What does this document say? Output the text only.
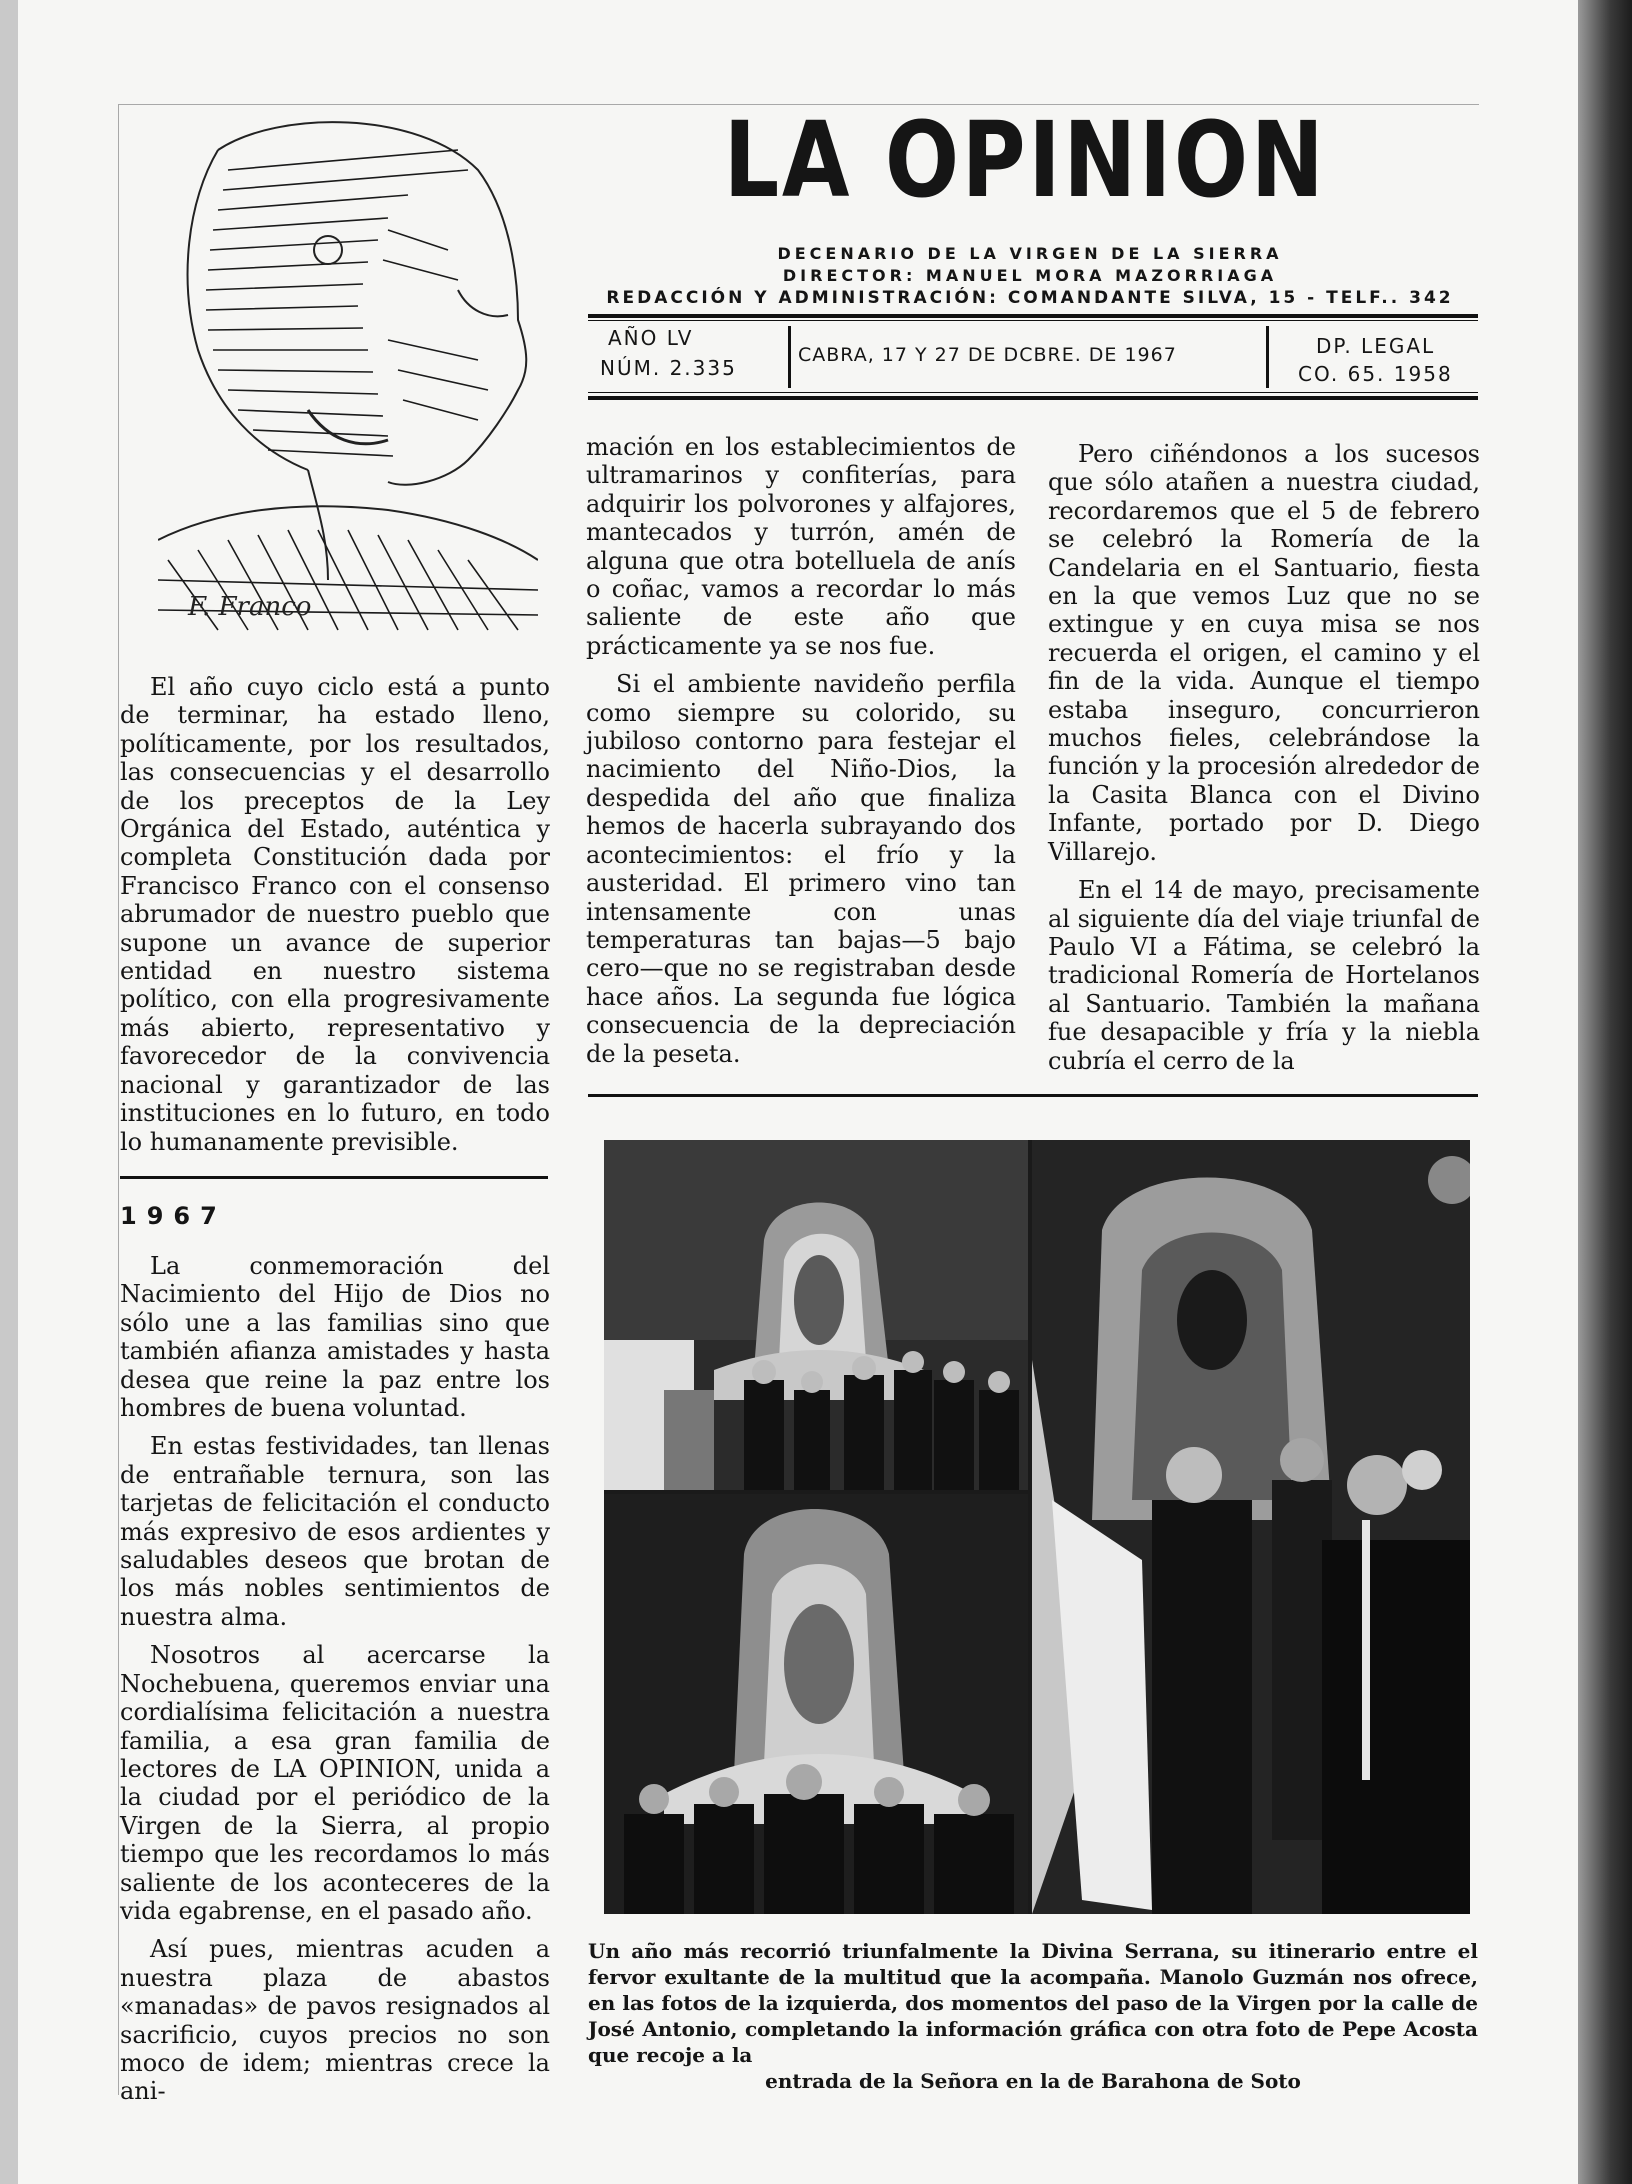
F. Franco
LA OPINION
DECENARIO DE LA VIRGEN DE LA SIERRA
DIRECTOR: MANUEL MORA MAZORRIAGA
REDACCIÓN Y ADMINISTRACIÓN: COMANDANTE SILVA, 15 - TELF.. 342
AÑO LV
NÚM. 2.335
CABRA, 17 Y 27 DE DCBRE. DE 1967	DP. LEGAL
CO. 65. 1958

El año cuyo ciclo está a punto de terminar, ha estado lleno, políticamente, por los resultados, las consecuencias y el desarrollo de los preceptos de la Ley Orgánica del Estado, auténtica y completa Constitución dada por Francisco Franco con el consenso abrumador de nuestro pueblo que supone un avance de superior entidad en nuestro sistema político, con ella progresivamente más abierto, representativo y favorecedor de la convivencia nacional y garantizador de las instituciones en lo futuro, en todo lo humanamente previsible.

1967

La conmemoración del Nacimiento del Hijo de Dios no sólo une a las familias sino que también afianza amistades y hasta desea que reine la paz entre los hombres de buena voluntad.

En estas festividades, tan llenas de entrañable ternura, son las tarjetas de felicitación el conducto más expresivo de esos ardientes y saludables deseos que brotan de los más nobles sentimientos de nuestra alma.

Nosotros al acercarse la Nochebuena, queremos enviar una cordialísima felicitación a nuestra familia, a esa gran familia de lectores de LA OPINION, unida a la ciudad por el periódico de la Virgen de la Sierra, al propio tiempo que les recordamos lo más saliente de los aconteceres de la vida egabrense, en el pasado año.

Así pues, mientras acuden a nuestra plaza de abastos «manadas» de pavos resignados al sacrificio, cuyos precios no son moco de idem; mientras crece la ani-

mación en los establecimientos de ultramarinos y confiterías, para adquirir los polvorones y alfajores, mantecados y turrón, amén de alguna que otra botelluela de anís o coñac, vamos a recordar lo más saliente de este año que prácticamente ya se nos fue.

Si el ambiente navideño perfila como siempre su colorido, su jubiloso contorno para festejar el nacimiento del Niño-Dios, la despedida del año que finaliza hemos de hacerla subrayando dos acontecimientos: el frío y la austeridad. El primero vino tan intensamente con unas temperaturas tan bajas—5 bajo cero—que no se registraban desde hace años. La segunda fue lógica consecuencia de la depreciación de la peseta.

Pero ciñéndonos a los sucesos que sólo atañen a nuestra ciudad, recordaremos que el 5 de febrero se celebró la Romería de la Candelaria en el Santuario, fiesta en la que vemos Luz que no se extingue y en cuya misa se nos recuerda el origen, el camino y el fin de la vida. Aunque el tiempo estaba inseguro, concurrieron muchos fieles, celebrándose la función y la procesión alrededor de la Casita Blanca con el Divino Infante, portado por D. Diego Villarejo.

En el 14 de mayo, precisamente al siguiente día del viaje triunfal de Paulo VI a Fátima, se celebró la tradicional Romería de Hortelanos al Santuario. También la mañana fue desapacible y fría y la niebla cubría el cerro de la

Un año más recorrió triunfalmente la Divina Serrana, su itinerario entre el fervor exultante de la multitud que la acompaña. Manolo Guzmán nos ofrece, en las fotos de la izquierda, dos momentos del paso de la Virgen por la calle de José Antonio, completando la información gráfica con otra foto de Pepe Acosta que recoje a la
entrada de la Señora en la de Barahona de Soto
